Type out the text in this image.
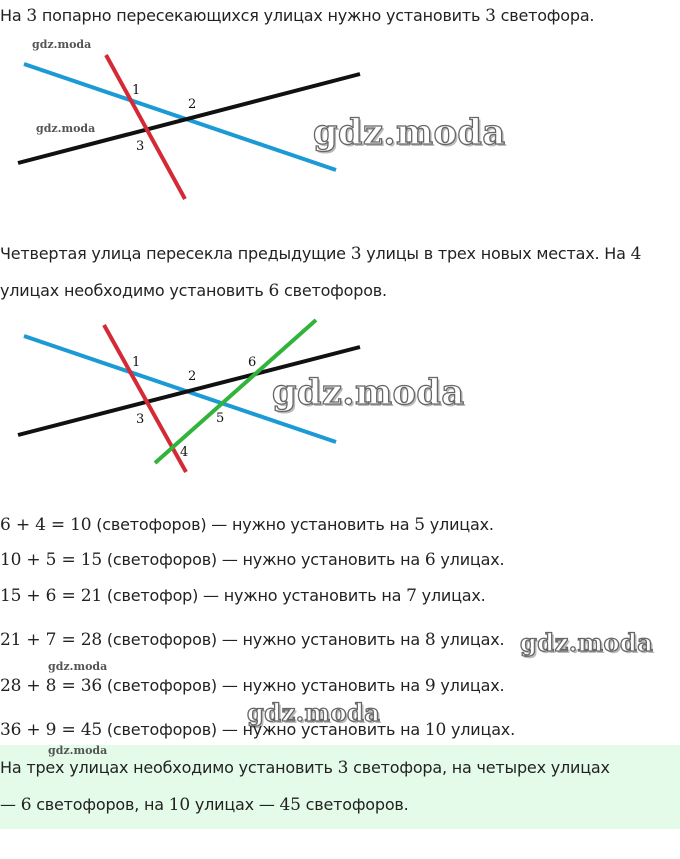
На 3 попарно пересекающихся улицах нужно установить 3 светофора.
1
2
3
gdz.moda
gdz.moda	gdz.moda
Четвертая улица пересекла предыдущие 3 улицы в трех новых местах. На 4
улицах необходимо установить 6 светофоров.
1
2
3
4
5
6
gdz.moda
6 + 4 = 10 (светофоров) — нужно установить на 5 улицах.
10 + 5 = 15 (светофоров) — нужно установить на 6 улицах.
15 + 6 = 21 (светофор) — нужно установить на 7 улицах.
21 + 7 = 28 (светофоров) — нужно установить на 8 улицах. gdz.moda
gdz.moda
28 + 8 = 36 (светофоров) — нужно установить на 9 улицах.
gdz.moda
36 + 9 = 45 (светофоров) — нужно установить на 10 улицах.
gdz.moda
На трех улицах необходимо установить 3 светофора, на четырех улицах
— 6 светофоров, на 10 улицах — 45 светофоров.
